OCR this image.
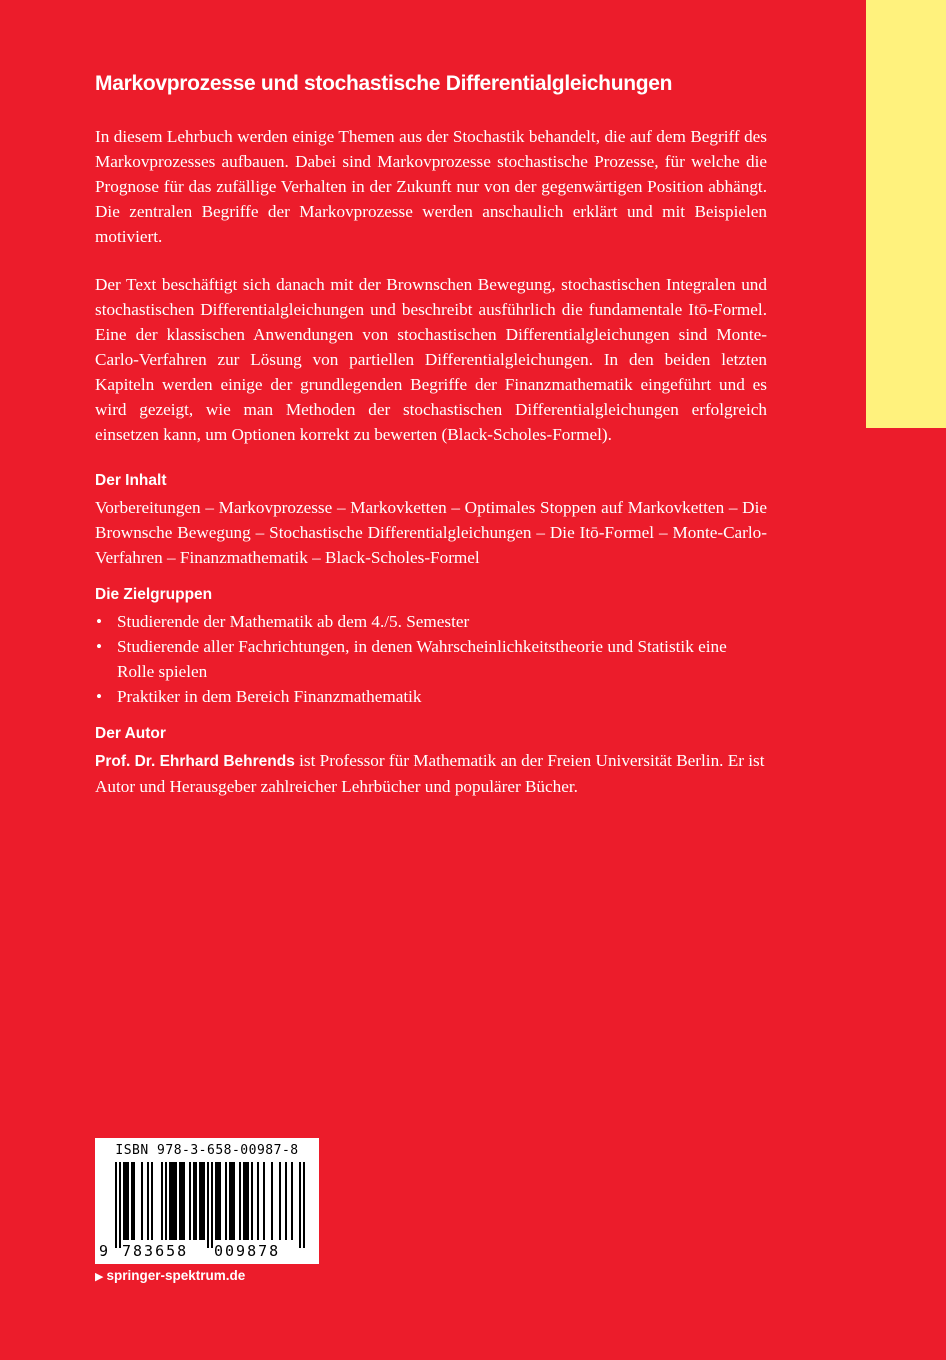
Markovprozesse und stochastische Differentialgleichungen

In diesem Lehrbuch werden einige Themen aus der Stochastik behandelt, die auf dem Begriff des Markovprozesses aufbauen. Dabei sind Markovprozesse stochastische Prozesse, für welche die Prognose für das zufällige Verhalten in der Zukunft nur von der gegenwärtigen Position abhängt. Die zentralen Begriffe der Markovprozesse werden anschaulich erklärt und mit Beispielen motiviert.

Der Text beschäftigt sich danach mit der Brownschen Bewegung, stochastischen Integralen und stochastischen Differentialgleichungen und beschreibt ausführlich die fundamentale Itō-Formel. Eine der klassischen Anwendungen von stochastischen Differentialgleichungen sind Monte-Carlo-Verfahren zur Lösung von partiellen Differentialgleichungen. In den beiden letzten Kapiteln werden einige der grundlegenden Begriffe der Finanzmathematik eingeführt und es wird gezeigt, wie man Methoden der stochastischen Differentialgleichungen erfolgreich einsetzen kann, um Optionen korrekt zu bewerten (Black-Scholes-Formel).

Der Inhalt

Vorbereitungen – Markovprozesse – Markovketten – Optimales Stoppen auf Markovketten – Die Brownsche Bewegung – Stochastische Differentialgleichungen – Die Itō-Formel – Monte-Carlo-Verfahren – Finanzmathematik – Black-Scholes-Formel

Die Zielgruppen
• Studierende der Mathematik ab dem 4./5. Semester
• Studierende aller Fachrichtungen, in denen Wahrscheinlichkeitstheorie und Statistik eine Rolle spielen
• Praktiker in dem Bereich Finanzmathematik
Der Autor

Prof. Dr. Ehrhard Behrends ist Professor für Mathematik an der Freien Universität Berlin. Er ist Autor und Herausgeber zahlreicher Lehrbücher und populärer Bücher.

ISBN 978-3-658-00987-8
9 783658 009878
▶ springer-spektrum.de
